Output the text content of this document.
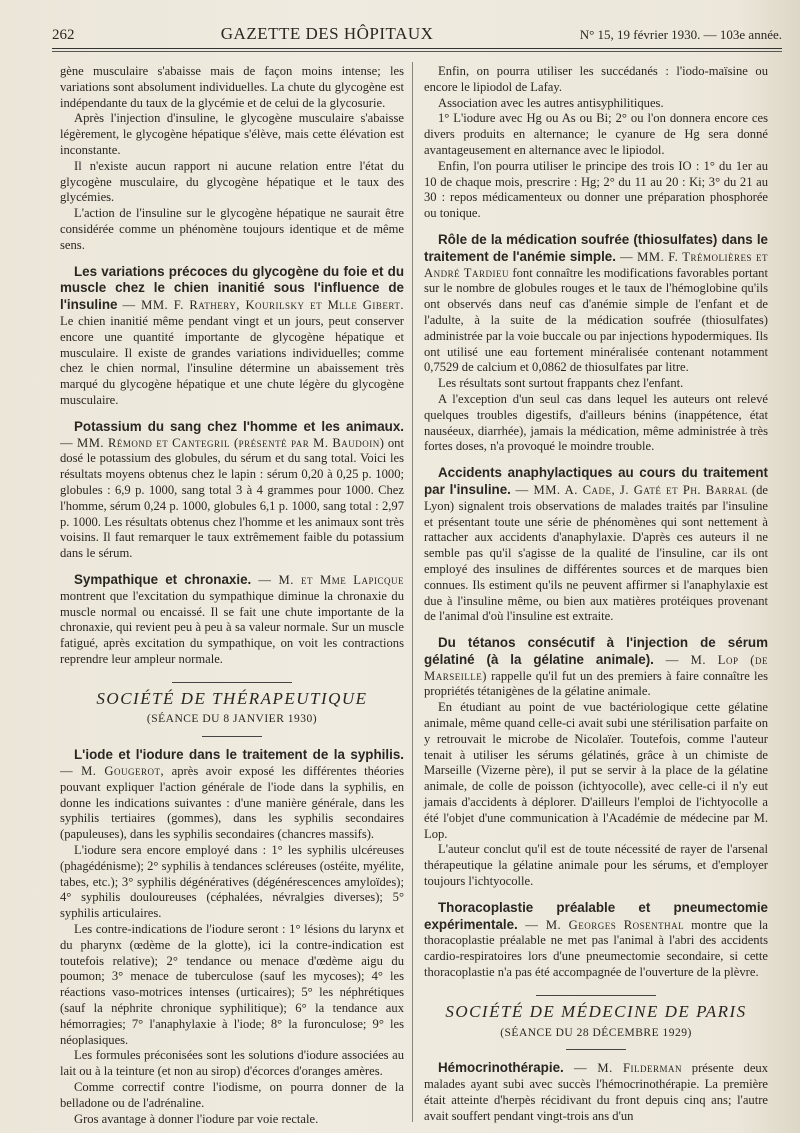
262	GAZETTE DES HÔPITAUX	N° 15, 19 février 1930. — 103e année.

gène musculaire s'abaisse mais de façon moins intense; les variations sont absolument individuelles. La chute du glycogène est indépendante du taux de la glycémie et de celui de la glycosurie.

Après l'injection d'insuline, le glycogène musculaire s'abaisse légèrement, le glycogène hépatique s'élève, mais cette élévation est inconstante.

Il n'existe aucun rapport ni aucune relation entre l'état du glycogène musculaire, du glycogène hépatique et le taux des glycémies.

L'action de l'insuline sur le glycogène hépatique ne saurait être considérée comme un phénomène toujours identique et de même sens.

Les variations précoces du glycogène du foie et du muscle chez le chien inanitié sous l'influence de l'insuline — MM. F. Rathery, Kourilsky et Mlle Gibert. Le chien inanitié même pendant vingt et un jours, peut conserver encore une quantité importante de glycogène hépatique et musculaire. Il existe de grandes variations individuelles; comme chez le chien normal, l'insuline détermine un abaissement très marqué du glycogène hépatique et une chute légère du glycogène musculaire.

Potassium du sang chez l'homme et les animaux. — MM. Rémond et Cantegril (présenté par M. Baudoin) ont dosé le potassium des globules, du sérum et du sang total. Voici les résultats moyens obtenus chez le lapin : sérum 0,20 à 0,25 p. 1000; globules : 6,9 p. 1000, sang total 3 à 4 grammes pour 1000. Chez l'homme, sérum 0,24 p. 1000, globules 6,1 p. 1000, sang total : 2,97 p. 1000. Les résultats obtenus chez l'homme et les animaux sont très voisins. Il faut remarquer le taux extrêmement faible du potassium dans le sérum.

Sympathique et chronaxie. — M. et Mme Lapicque montrent que l'excitation du sympathique diminue la chronaxie du muscle normal ou encaissé. Il se fait une chute importante de la chronaxie, qui revient peu à peu à sa valeur normale. Sur un muscle fatigué, après excitation du sympathique, on voit les contractions reprendre leur ampleur normale.

SOCIÉTÉ DE THÉRAPEUTIQUE
(SÉANCE DU 8 JANVIER 1930)

L'iode et l'iodure dans le traitement de la syphilis. — M. Gougerot, après avoir exposé les différentes théories pouvant expliquer l'action générale de l'iode dans la syphilis, en donne les indications suivantes : d'une manière générale, dans les syphilis tertiaires (gommes), dans les syphilis secondaires (papuleuses), dans les syphilis secondaires (chancres massifs).

L'iodure sera encore employé dans : 1° les syphilis ulcéreuses (phagédénisme); 2° syphilis à tendances scléreuses (ostéite, myélite, tabes, etc.); 3° syphilis dégénératives (dégénérescences amyloïdes); 4° syphilis douloureuses (céphalées, névralgies diverses); 5° syphilis articulaires.

Les contre-indications de l'iodure seront : 1° lésions du larynx et du pharynx (œdème de la glotte), ici la contre-indication est toutefois relative); 2° tendance ou menace d'œdème aigu du poumon; 3° menace de tuberculose (sauf les mycoses); 4° les réactions vaso-motrices intenses (urticaires); 5° les néphrétiques (sauf la néphrite chronique syphilitique); 6° la tendance aux hémorragies; 7° l'anaphylaxie à l'iode; 8° la furonculose; 9° les néoplasiques.

Les formules préconisées sont les solutions d'iodure associées au lait ou à la teinture (et non au sirop) d'écorces d'oranges amères.

Comme correctif contre l'iodisme, on pourra donner de la belladone ou de l'adrénaline.

Gros avantage à donner l'iodure par voie rectale.

Enfin, on pourra utiliser les succédanés : l'iodo-maïsine ou encore le lipiodol de Lafay.

Association avec les autres antisyphilitiques.

1° L'iodure avec Hg ou As ou Bi; 2° ou l'on donnera encore ces divers produits en alternance; le cyanure de Hg sera donné avantageusement en alternance avec le lipiodol.

Enfin, l'on pourra utiliser le principe des trois IO : 1° du 1er au 10 de chaque mois, prescrire : Hg; 2° du 11 au 20 : Ki; 3° du 21 au 30 : repos médicamenteux ou donner une préparation phosphorée ou tonique.

Rôle de la médication soufrée (thiosulfates) dans le traitement de l'anémie simple. — MM. F. Trémolières et André Tardieu font connaître les modifications favorables portant sur le nombre de globules rouges et le taux de l'hémoglobine qu'ils ont observés dans neuf cas d'anémie simple de l'enfant et de l'adulte, à la suite de la médication soufrée (thiosulfates) administrée par la voie buccale ou par injections hypodermiques. Ils ont utilisé une eau fortement minéralisée contenant notamment 0,7529 de calcium et 0,0862 de thiosulfates par litre.

Les résultats sont surtout frappants chez l'enfant.

A l'exception d'un seul cas dans lequel les auteurs ont relevé quelques troubles digestifs, d'ailleurs bénins (inappétence, état nauséeux, diarrhée), jamais la médication, même administrée à très fortes doses, n'a provoqué le moindre trouble.

Accidents anaphylactiques au cours du traitement par l'insuline. — MM. A. Cade, J. Gaté et Ph. Barral (de Lyon) signalent trois observations de malades traités par l'insuline et présentant toute une série de phénomènes qui sont nettement à rattacher aux accidents d'anaphylaxie. D'après ces auteurs il ne semble pas qu'il s'agisse de la qualité de l'insuline, car ils ont employé des insulines de différentes sources et de marques bien connues. Ils estiment qu'ils ne peuvent affirmer si l'anaphylaxie est due à l'insuline même, ou bien aux matières protéiques provenant de l'animal d'où l'insuline est extraite.

Du tétanos consécutif à l'injection de sérum gélatiné (à la gélatine animale). — M. Lop (de Marseille) rappelle qu'il fut un des premiers à faire connaître les propriétés tétanigènes de la gélatine animale.

En étudiant au point de vue bactériologique cette gélatine animale, même quand celle-ci avait subi une stérilisation parfaite on y retrouvait le microbe de Nicolaïer. Toutefois, comme l'auteur tenait à utiliser les sérums gélatinés, grâce à un chimiste de Marseille (Vizerne père), il put se servir à la place de la gélatine animale, de colle de poisson (ichtyocolle), avec celle-ci il n'y eut jamais d'accidents à déplorer. D'ailleurs l'emploi de l'ichtyocolle a été l'objet d'une communication à l'Académie de médecine par M. Lop.

L'auteur conclut qu'il est de toute nécessité de rayer de l'arsenal thérapeutique la gélatine animale pour les sérums, et d'employer toujours l'ichtyocolle.

Thoracoplastie préalable et pneumectomie expérimentale. — M. Georges Rosenthal montre que la thoracoplastie préalable ne met pas l'animal à l'abri des accidents cardio-respiratoires lors d'une pneumectomie secondaire, si cette thoracoplastie n'a pas été accompagnée de l'ouverture de la plèvre.

SOCIÉTÉ DE MÉDECINE DE PARIS
(SÉANCE DU 28 DÉCEMBRE 1929)

Hémocrinothérapie. — M. Filderman présente deux malades ayant subi avec succès l'hémocrinothérapie. La première était atteinte d'herpès récidivant du front depuis cinq ans; l'autre avait souffert pendant vingt-trois ans d'un
